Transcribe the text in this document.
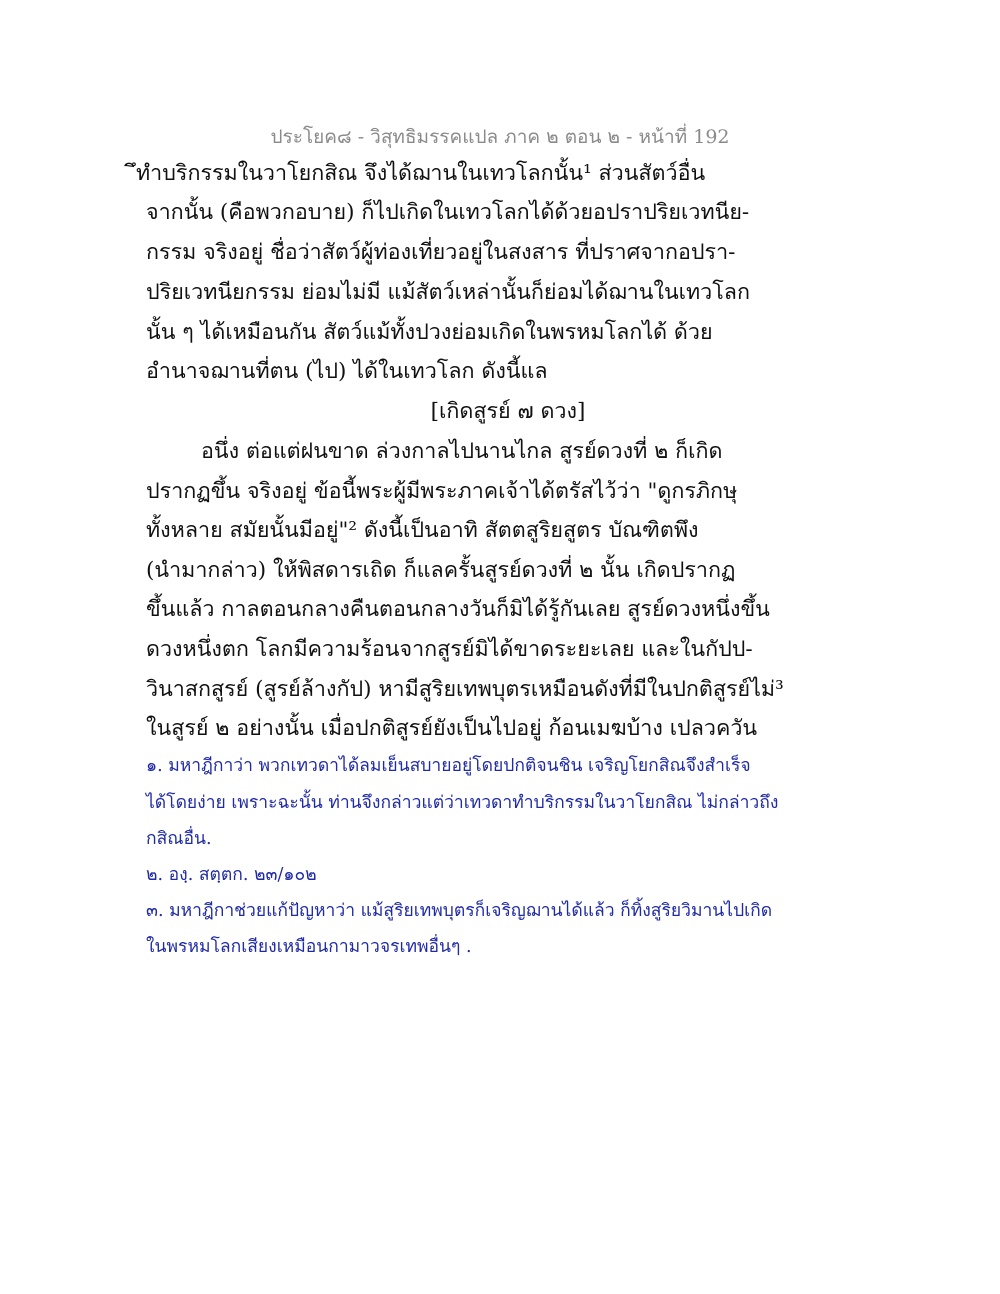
ประโยค๘ - วิสุทธิมรรคแปล ภาค ๒ ตอน ๒ - หน้าที่ 192
ึทำบริกรรมในวาโยกสิณ จึงได้ฌานในเทวโลกนั้น¹ ส่วนสัตว์อื่น
จากนั้น (คือพวกอบาย) ก็ไปเกิดในเทวโลกได้ด้วยอปราปริยเวทนีย-
กรรม จริงอยู่ ชื่อว่าสัตว์ผู้ท่องเที่ยวอยู่ในสงสาร ที่ปราศจากอปรา-
ปริยเวทนียกรรม ย่อมไม่มี แม้สัตว์เหล่านั้นก็ย่อมได้ฌานในเทวโลก
นั้น ๆ ได้เหมือนกัน สัตว์แม้ทั้งปวงย่อมเกิดในพรหมโลกได้ ด้วย
อำนาจฌานที่ตน (ไป) ได้ในเทวโลก ดังนี้แล
[เกิดสูรย์ ๗ ดวง]
อนึ่ง ต่อแต่ฝนขาด ล่วงกาลไปนานไกล สูรย์ดวงที่ ๒ ก็เกิด
ปรากฏขึ้น จริงอยู่ ข้อนี้พระผู้มีพระภาคเจ้าได้ตรัสไว้ว่า "ดูกรภิกษุ
ทั้งหลาย สมัยนั้นมีอยู่"² ดังนี้เป็นอาทิ สัตตสูริยสูตร บัณฑิตพึง
(นำมากล่าว) ให้พิสดารเถิด ก็แลครั้นสูรย์ดวงที่ ๒ นั้น เกิดปรากฏ
ขึ้นแล้ว กาลตอนกลางคืนตอนกลางวันก็มิได้รู้กันเลย สูรย์ดวงหนึ่งขึ้น
ดวงหนึ่งตก โลกมีความร้อนจากสูรย์มิได้ขาดระยะเลย และในกัปป-
วินาสกสูรย์ (สูรย์ล้างกัป) หามีสูริยเทพบุตรเหมือนดังที่มีในปกติสูรย์ไม่³
ในสูรย์ ๒ อย่างนั้น เมื่อปกติสูรย์ยังเป็นไปอยู่ ก้อนเมฆบ้าง เปลวควัน
๑. มหาฎีกาว่า พวกเทวดาได้ลมเย็นสบายอยู่โดยปกติจนชิน เจริญโยกสิณจึงสำเร็จ
ได้โดยง่าย เพราะฉะนั้น ท่านจึงกล่าวแต่ว่าเทวดาทำบริกรรมในวาโยกสิณ ไม่กล่าวถึง
กสิณอื่น.
๒. องฺ. สตฺตก. ๒๓/๑๐๒
๓. มหาฎีกาช่วยแก้ปัญหาว่า แม้สูริยเทพบุตรก็เจริญฌานได้แล้ว ก็ทิ้งสูริยวิมานไปเกิด
ในพรหมโลกเสียงเหมือนกามาวจรเทพอื่นๆ .
